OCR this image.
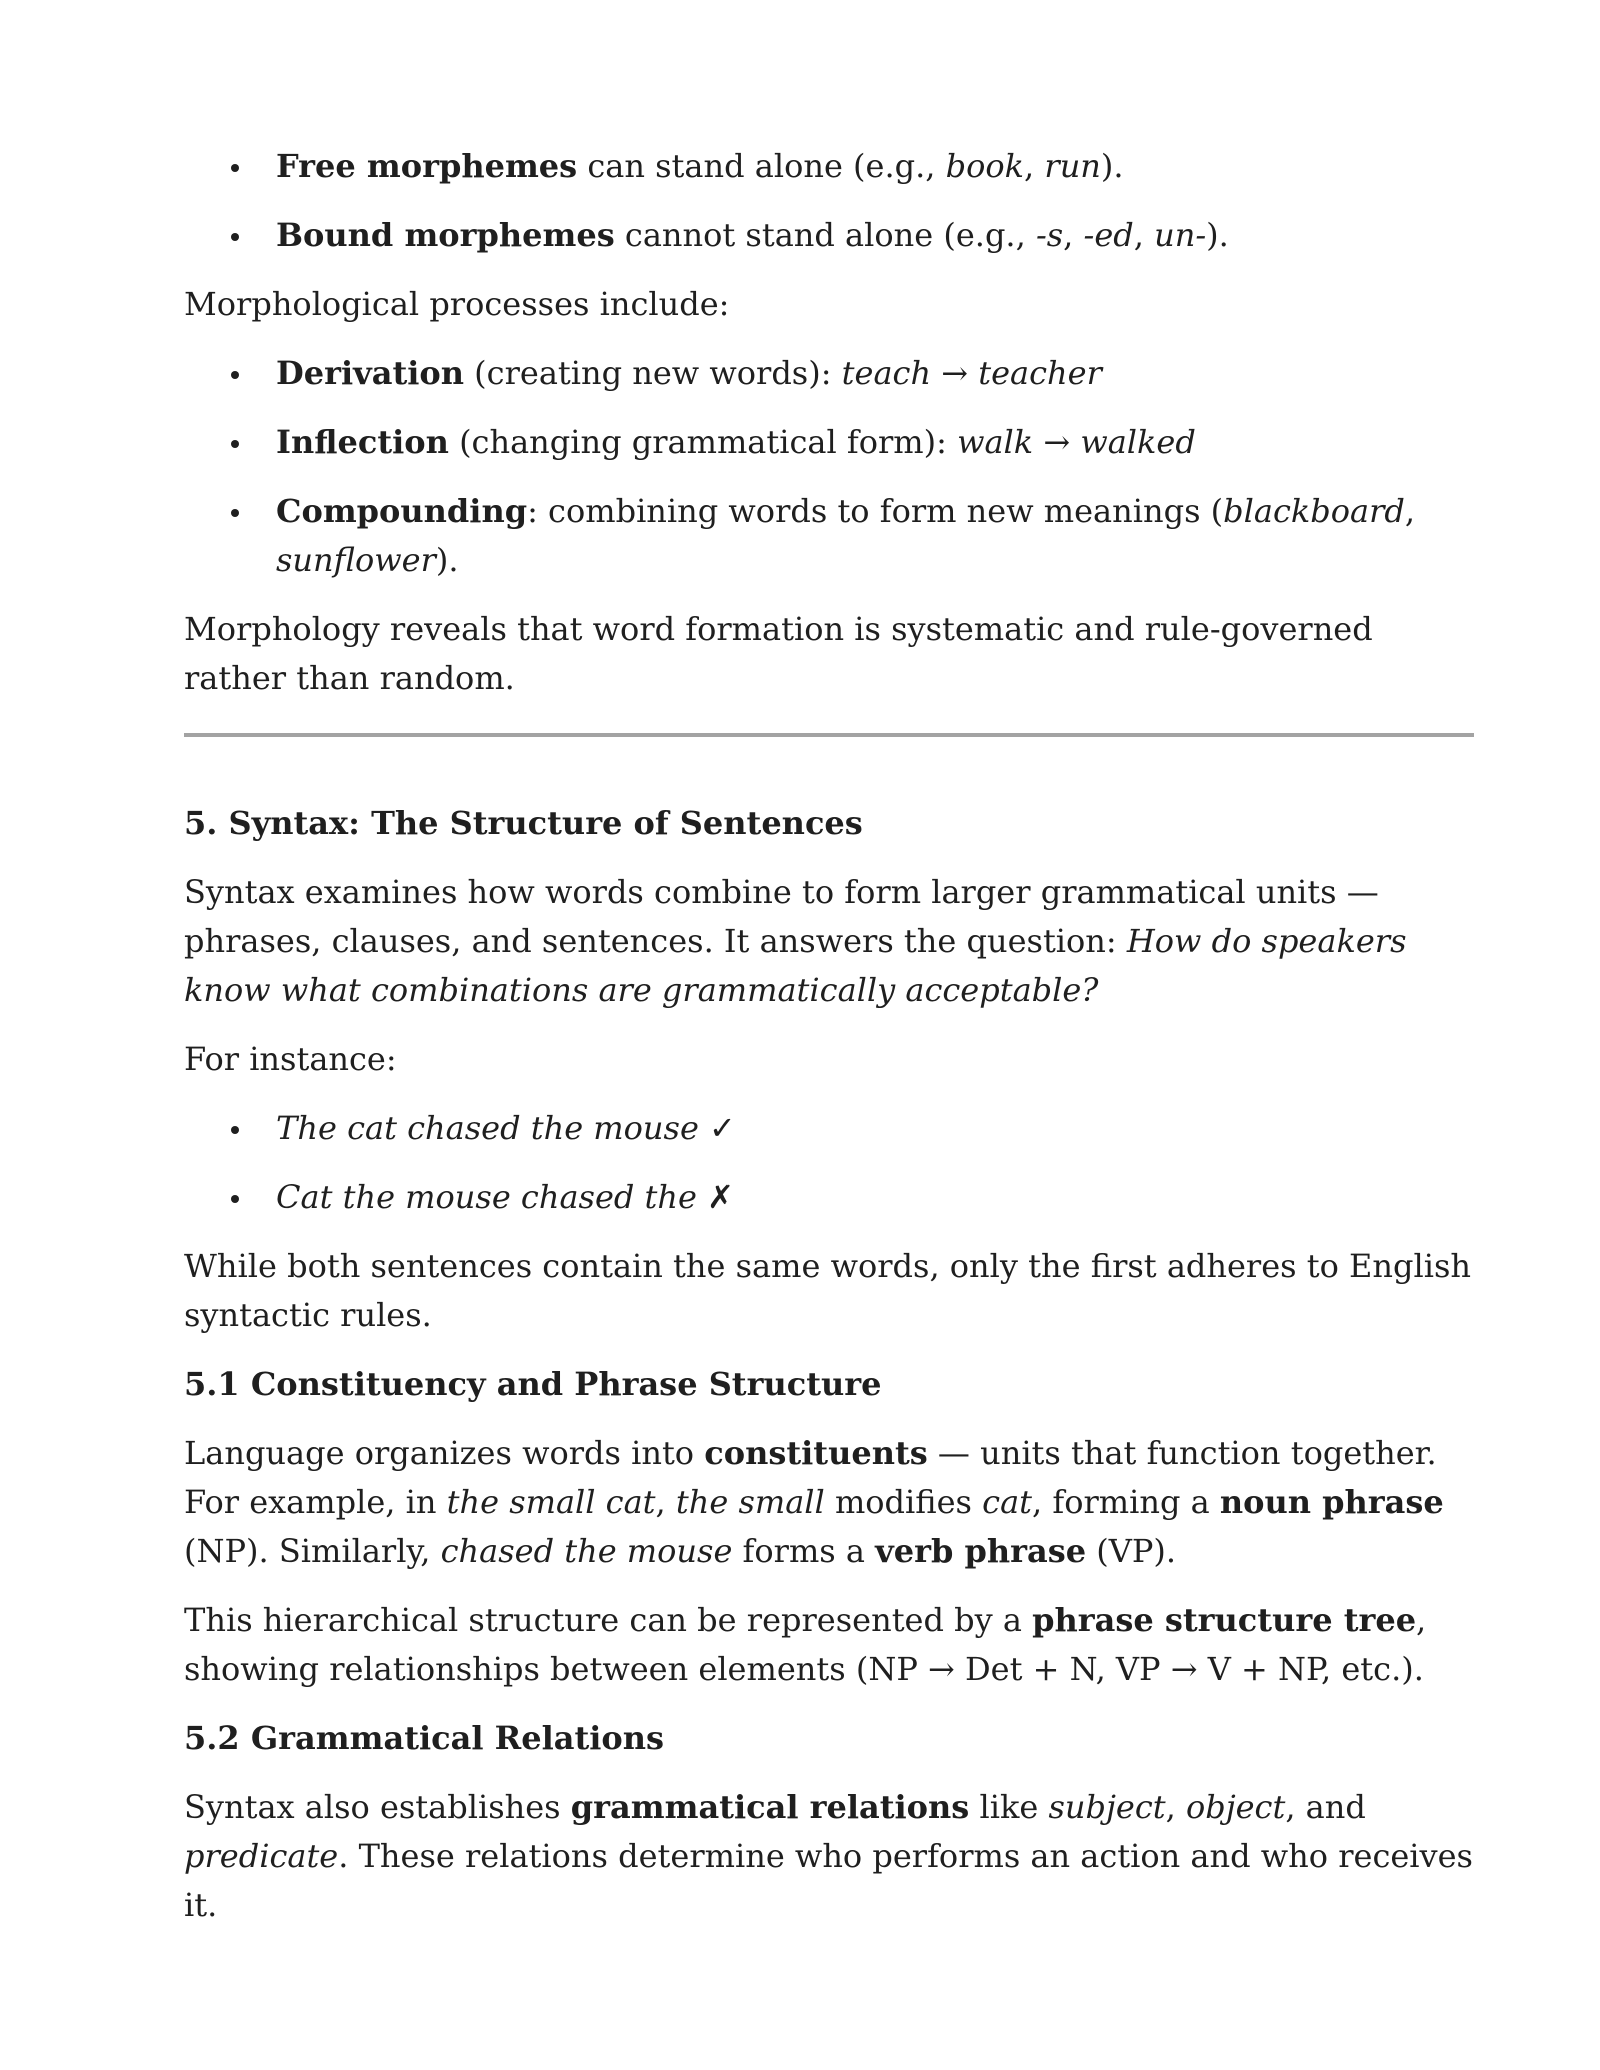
Free morphemes can stand alone (e.g., book, run).
Bound morphemes cannot stand alone (e.g., -s, -ed, un-).

Morphological processes include:

Derivation (creating new words): teach → teacher
Inflection (changing grammatical form): walk → walked
Compounding: combining words to form new meanings (blackboard, sunflower).

Morphology reveals that word formation is systematic and rule-governed rather than random.

5. Syntax: The Structure of Sentences

Syntax examines how words combine to form larger grammatical units — phrases, clauses, and sentences. It answers the question: How do speakers know what combinations are grammatically acceptable?

For instance:

The cat chased the mouse ✓
Cat the mouse chased the ✗

While both sentences contain the same words, only the first adheres to English syntactic rules.

5.1 Constituency and Phrase Structure

Language organizes words into constituents — units that function together. For example, in the small cat, the small modifies cat, forming a noun phrase (NP). Similarly, chased the mouse forms a verb phrase (VP).

This hierarchical structure can be represented by a phrase structure tree, showing relationships between elements (NP → Det + N, VP → V + NP, etc.).

5.2 Grammatical Relations

Syntax also establishes grammatical relations like subject, object, and predicate. These relations determine who performs an action and who receives it.
